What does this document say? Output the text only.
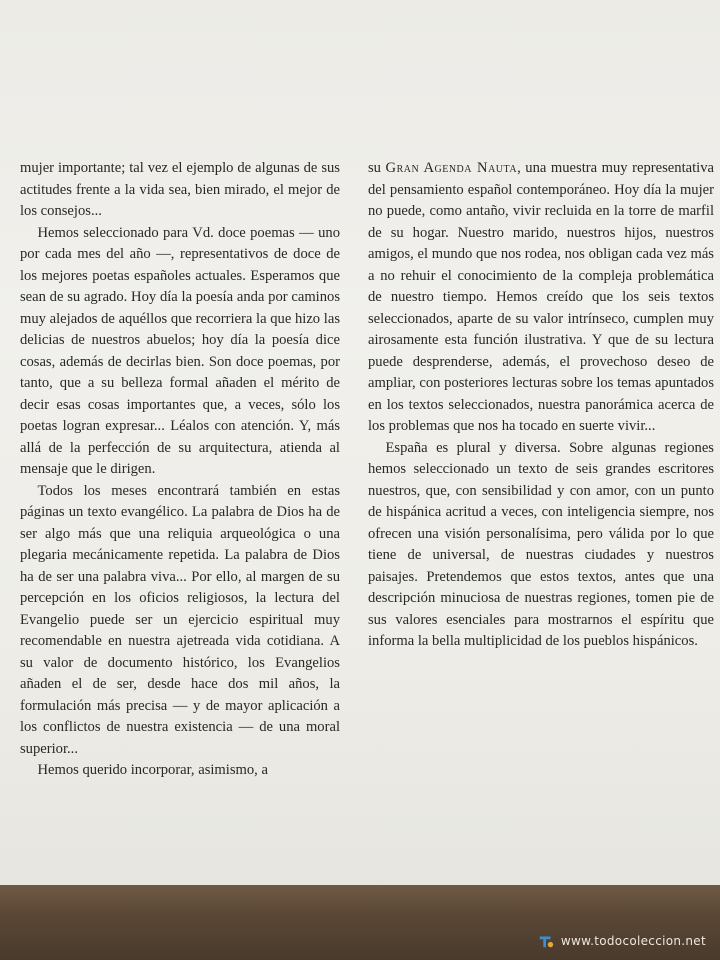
mujer importante; tal vez el ejemplo de algunas de sus actitudes frente a la vida sea, bien mirado, el mejor de los consejos...

Hemos seleccionado para Vd. doce poemas — uno por cada mes del año —, representativos de doce de los mejores poetas españoles actuales. Esperamos que sean de su agrado. Hoy día la poesía anda por caminos muy alejados de aquéllos que recorriera la que hizo las delicias de nuestros abuelos; hoy día la poesía dice cosas, además de decirlas bien. Son doce poemas, por tanto, que a su belleza formal añaden el mérito de decir esas cosas importantes que, a veces, sólo los poetas logran expresar... Léalos con atención. Y, más allá de la perfección de su arquitectura, atienda al mensaje que le dirigen.

Todos los meses encontrará también en estas páginas un texto evangélico. La palabra de Dios ha de ser algo más que una reliquia arqueológica o una plegaria mecánicamente repetida. La palabra de Dios ha de ser una palabra viva... Por ello, al margen de su percepción en los oficios religiosos, la lectura del Evangelio puede ser un ejercicio espiritual muy recomendable en nuestra ajetreada vida cotidiana. A su valor de documento histórico, los Evangelios añaden el de ser, desde hace dos mil años, la formulación más precisa — y de mayor aplicación a los conflictos de nuestra existencia — de una moral superior...

Hemos querido incorporar, asimismo, a

su Gran Agenda Nauta, una muestra muy representativa del pensamiento español contemporáneo. Hoy día la mujer no puede, como antaño, vivir recluida en la torre de marfil de su hogar. Nuestro marido, nuestros hijos, nuestros amigos, el mundo que nos rodea, nos obligan cada vez más a no rehuir el conocimiento de la compleja problemática de nuestro tiempo. Hemos creído que los seis textos seleccionados, aparte de su valor intrínseco, cumplen muy airosamente esta función ilustrativa. Y que de su lectura puede desprenderse, además, el provechoso deseo de ampliar, con posteriores lecturas sobre los temas apuntados en los textos seleccionados, nuestra panorámica acerca de los problemas que nos ha tocado en suerte vivir...

España es plural y diversa. Sobre algunas regiones hemos seleccionado un texto de seis grandes escritores nuestros, que, con sensibilidad y con amor, con un punto de hispánica acritud a veces, con inteligencia siempre, nos ofrecen una visión personalísima, pero válida por lo que tiene de universal, de nuestras ciudades y nuestros paisajes. Pretendemos que estos textos, antes que una descripción minuciosa de nuestras regiones, tomen pie de sus valores esenciales para mostrarnos el espíritu que informa la bella multiplicidad de los pueblos hispánicos.

www.todocoleccion.net
